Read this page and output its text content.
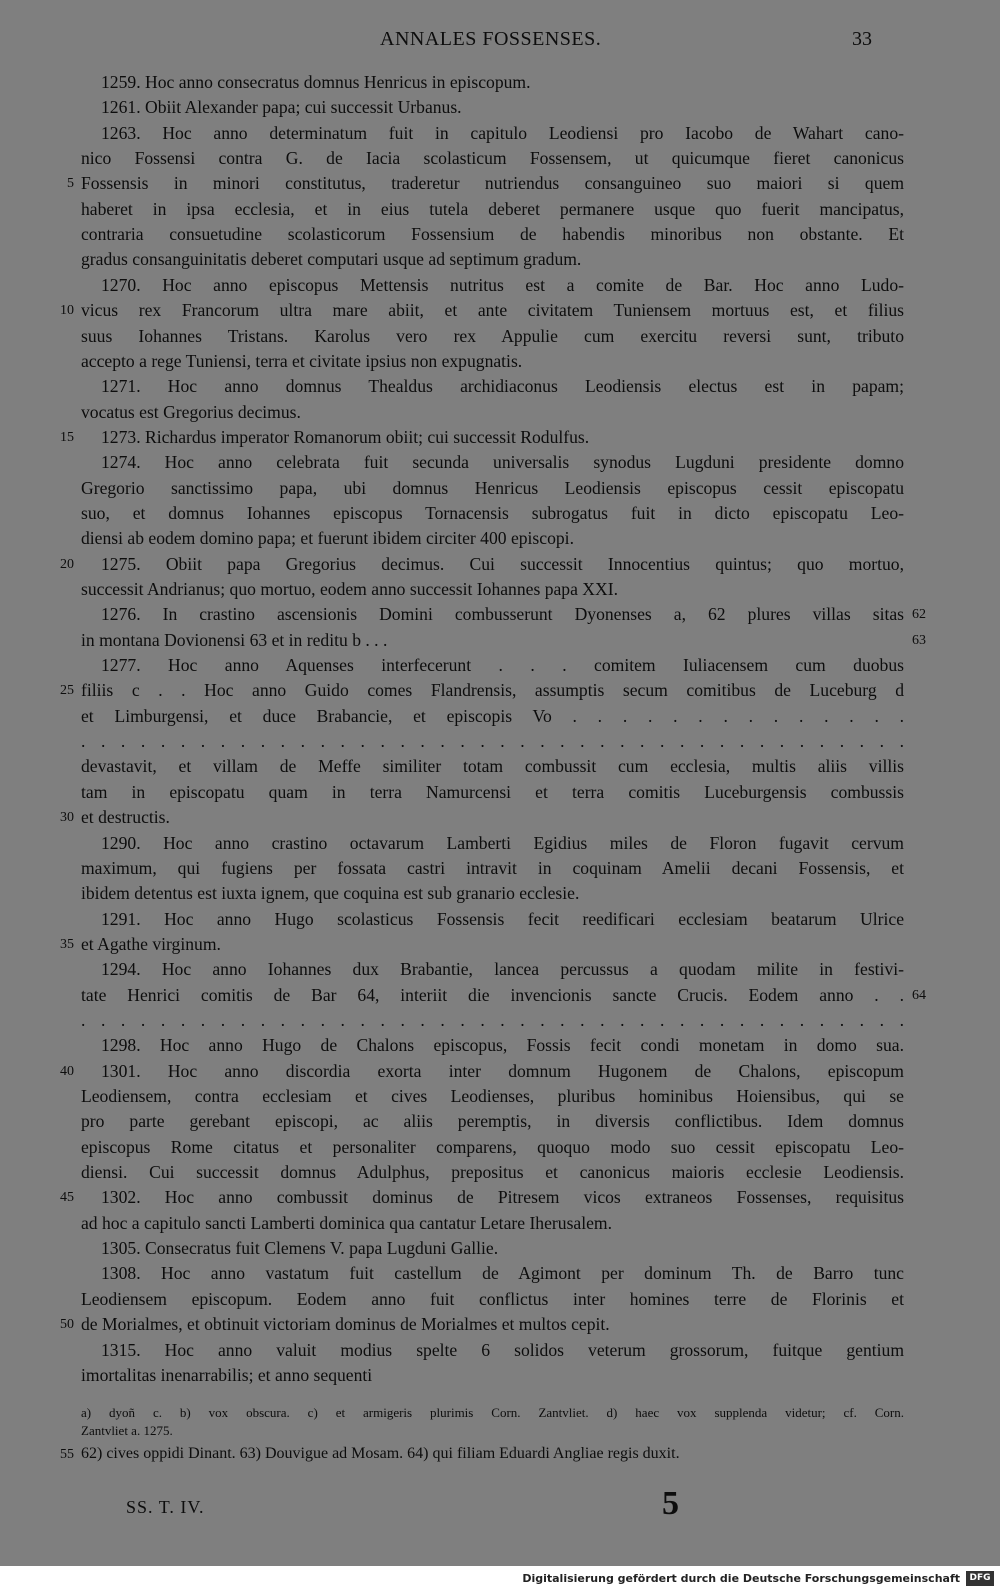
ANNALES FOSSENSES.	33
1259. Hoc anno consecratus domnus Henricus in episcopum.
1261. Obiit Alexander papa; cui successit Urbanus.
1263. Hoc anno determinatum fuit in capitulo Leodiensi pro Iacobo de Wahart cano-
nico Fossensi contra G. de Iacia scolasticum Fossensem, ut quicumque fieret canonicus
Fossensis in minori constitutus, traderetur nutriendus consanguineo suo maiori si quem
5
haberet in ipsa ecclesia, et in eius tutela deberet permanere usque quo fuerit mancipatus,
contraria consuetudine scolasticorum Fossensium de habendis minoribus non obstante. Et
gradus consanguinitatis deberet computari usque ad septimum gradum.
1270. Hoc anno episcopus Mettensis nutritus est a comite de Bar. Hoc anno Ludo-
vicus rex Francorum ultra mare abiit, et ante civitatem Tuniensem mortuus est, et filius
10
suus Iohannes Tristans. Karolus vero rex Appulie cum exercitu reversi sunt, tributo
accepto a rege Tuniensi, terra et civitate ipsius non expugnatis.
1271. Hoc anno domnus Thealdus archidiaconus Leodiensis electus est in papam;
vocatus est Gregorius decimus.
1273. Richardus imperator Romanorum obiit; cui successit Rodulfus.
15
1274. Hoc anno celebrata fuit secunda universalis synodus Lugduni presidente domno
Gregorio sanctissimo papa, ubi domnus Henricus Leodiensis episcopus cessit episcopatu
suo, et domnus Iohannes episcopus Tornacensis subrogatus fuit in dicto episcopatu Leo-
diensi ab eodem domino papa; et fuerunt ibidem circiter 400 episcopi.
1275. Obiit papa Gregorius decimus. Cui successit Innocentius quintus; quo mortuo,
20
successit Andrianus; quo mortuo, eodem anno successit Iohannes papa XXI.
1276. In crastino ascensionis Domini combusserunt Dyonenses a, 62 plures villas sitas 62
in montana Dovionensi 63 et in reditu b . . .	63
1277. Hoc anno Aquenses interfecerunt . . . comitem Iuliacensem cum duobus
filiis c . . Hoc anno Guido comes Flandrensis, assumptis secum comitibus de Luceburg d
25
et Limburgensi, et duce Brabancie, et episcopis Vo . . . . . . . . . . . . . .
. . . . . . . . . . . . . . . . . . . . . . . . . . . . . . . . . . . . . . . . . .
devastavit, et villam de Meffe similiter totam combussit cum ecclesia, multis aliis villis
tam in episcopatu quam in terra Namurcensi et terra comitis Luceburgensis combussis
et destructis.
30
1290. Hoc anno crastino octavarum Lamberti Egidius miles de Floron fugavit cervum
maximum, qui fugiens per fossata castri intravit in coquinam Amelii decani Fossensis, et
ibidem detentus est iuxta ignem, que coquina est sub granario ecclesie.
1291. Hoc anno Hugo scolasticus Fossensis fecit reedificari ecclesiam beatarum Ulrice
et Agathe virginum.
35
1294. Hoc anno Iohannes dux Brabantie, lancea percussus a quodam milite in festivi-
tate Henrici comitis de Bar 64, interiit die invencionis sancte Crucis. Eodem anno . . 64
. . . . . . . . . . . . . . . . . . . . . . . . . . . . . . . . . . . . . . . . . .
1298. Hoc anno Hugo de Chalons episcopus, Fossis fecit condi monetam in domo sua.
1301. Hoc anno discordia exorta inter domnum Hugonem de Chalons, episcopum
40
Leodiensem, contra ecclesiam et cives Leodienses, pluribus hominibus Hoiensibus, qui se
pro parte gerebant episcopi, ac aliis peremptis, in diversis conflictibus. Idem domnus
episcopus Rome citatus et personaliter comparens, quoquo modo suo cessit episcopatu Leo-
diensi. Cui successit domnus Adulphus, prepositus et canonicus maioris ecclesie Leodiensis.
1302. Hoc anno combussit dominus de Pitresem vicos extraneos Fossenses, requisitus
45
ad hoc a capitulo sancti Lamberti dominica qua cantatur Letare Iherusalem.
1305. Consecratus fuit Clemens V. papa Lugduni Gallie.
1308. Hoc anno vastatum fuit castellum de Agimont per dominum Th. de Barro tunc
Leodiensem episcopum. Eodem anno fuit conflictus inter homines terre de Florinis et
de Morialmes, et obtinuit victoriam dominus de Morialmes et multos cepit.
50
1315. Hoc anno valuit modius spelte 6 solidos veterum grossorum, fuitque gentium
imortalitas inenarrabilis; et anno sequenti
a) dyoñ c. b) vox obscura. c) et armigeris plurimis Corn. Zantvliet. d) haec vox supplenda videtur; cf. Corn.
Zantvliet a. 1275.
62) cives oppidi Dinant. 63) Douvigue ad Mosam. 64) qui filiam Eduardi Angliae regis duxit.
55
SS. T. IV.	5
Digitalisierung gefördert durch die Deutsche Forschungsgemeinschaft	DFG
